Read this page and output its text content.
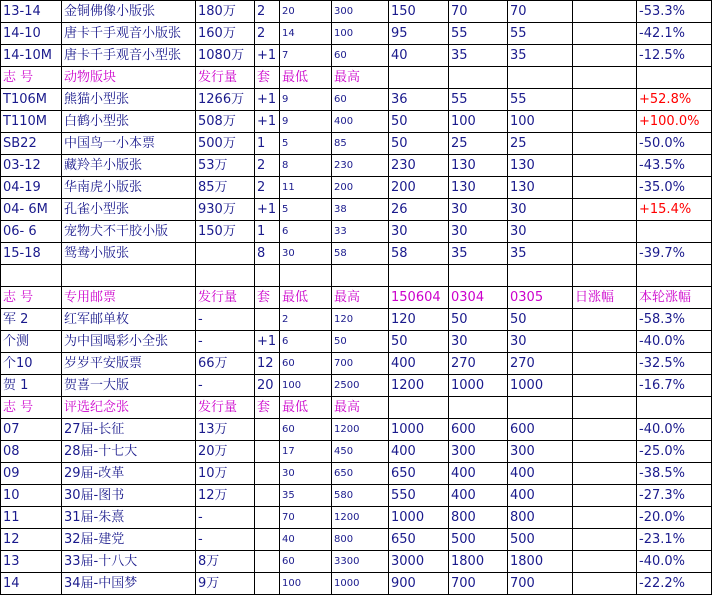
13-14	金铜佛像小版张	180万	2	20	300	150	70	70		-53.3%
14-10	唐卡千手观音小版张	160万	2	14	100	95	55	55		-42.1%
14-10M	唐卡千手观音小型张	1080万	+1	7	60	40	35	35		-12.5%
志 号	动物版块	发行量	套	最低	最高					
T106M	熊猫小型张	1266万	+1	9	60	36	55	55		+52.8%
T110M	白鹤小型张	508万	+1	9	400	50	100	100		+100.0%
SB22	中国鸟一小本票	500万	1	5	85	50	25	25		-50.0%
03-12	藏羚羊小版张	53万	2	8	230	230	130	130		-43.5%
04-19	华南虎小版张	85万	2	11	200	200	130	130		-35.0%
04- 6M	孔雀小型张	930万	+1	5	38	26	30	30		+15.4%
06- 6	宠物犬不干胶小版	150万	1	6	33	30	30	30		
15-18	鸳鸯小版张		8	30	58	58	35	35		-39.7%

志 号	专用邮票	发行量	套	最低	最高	150604	0304	0305	日涨幅	本轮涨幅
军 2	红军邮单枚	-		2	120	120	50	50		-58.3%
个测	为中国喝彩小全张	-	+1	6	50	50	30	30		-40.0%
个10	岁岁平安版票	66万	12	60	700	400	270	270		-32.5%
贺 1	贺喜一大版	-	20	100	2500	1200	1000	1000		-16.7%
志 号	评选纪念张	发行量	套	最低	最高					
07	27届-长征	13万		60	1200	1000	600	600		-40.0%
08	28届-十七大	20万		17	450	400	300	300		-25.0%
09	29届-改革	10万		30	650	650	400	400		-38.5%
10	30届-图书	12万		35	580	550	400	400		-27.3%
11	31届-朱熹	-		70	1200	1000	800	800		-20.0%
12	32届-建党	-		40	800	650	500	500		-23.1%
13	33届-十八大	8万		60	3300	3000	1800	1800		-40.0%
14	34届-中国梦	9万		100	1000	900	700	700		-22.2%
